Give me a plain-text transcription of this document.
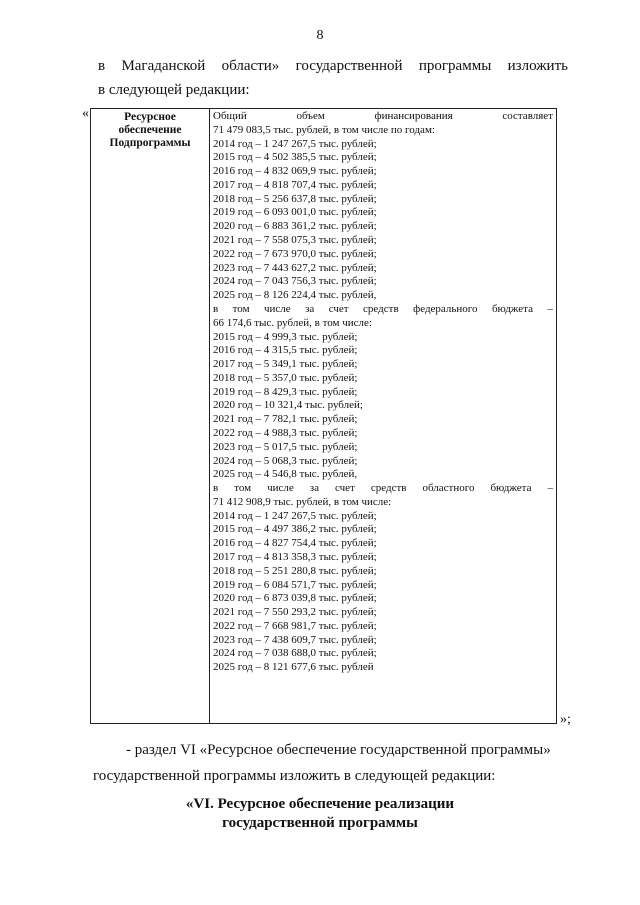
8
в Магаданской области» государственной программы изложить
в следующей редакции:
«	Ресурсное
обеспечение
Подпрограммы

Общий	объем	финансирования	составляет
71 479 083,5 тыс. рублей, в том числе по годам:
2014 год – 1 247 267,5 тыс. рублей;
2015 год – 4 502 385,5 тыс. рублей;
2016 год – 4 832 069,9 тыс. рублей;
2017 год – 4 818 707,4 тыс. рублей;
2018 год – 5 256 637,8 тыс. рублей;
2019 год – 6 093 001,0 тыс. рублей;
2020 год – 6 883 361,2 тыс. рублей;
2021 год – 7 558 075,3 тыс. рублей;
2022 год – 7 673 970,0 тыс. рублей;
2023 год – 7 443 627,2 тыс. рублей;
2024 год – 7 043 756,3 тыс. рублей;
2025 год – 8 126 224,4 тыс. рублей,
в том числе за счет средств федерального бюджета –
66 174,6 тыс. рублей, в том числе:
2015 год – 4 999,3 тыс. рублей;
2016 год – 4 315,5 тыс. рублей;
2017 год – 5 349,1 тыс. рублей;
2018 год – 5 357,0 тыс. рублей;
2019 год – 8 429,3 тыс. рублей;
2020 год – 10 321,4 тыс. рублей;
2021 год – 7 782,1 тыс. рублей;
2022 год – 4 988,3 тыс. рублей;
2023 год – 5 017,5 тыс. рублей;
2024 год – 5 068,3 тыс. рублей;
2025 год – 4 546,8 тыс. рублей,
в том числе за счет средств областного бюджета –
71 412 908,9 тыс. рублей, в том числе:
2014 год – 1 247 267,5 тыс. рублей;
2015 год – 4 497 386,2 тыс. рублей;
2016 год – 4 827 754,4 тыс. рублей;
2017 год – 4 813 358,3 тыс. рублей;
2018 год – 5 251 280,8 тыс. рублей;
2019 год – 6 084 571,7 тыс. рублей;
2020 год – 6 873 039,8 тыс. рублей;
2021 год – 7 550 293,2 тыс. рублей;
2022 год – 7 668 981,7 тыс. рублей;
2023 год – 7 438 609,7 тыс. рублей;
2024 год – 7 038 688,0 тыс. рублей;
2025 год – 8 121 677,6 тыс. рублей
»;
- раздел VI «Ресурсное обеспечение государственной программы»
государственной программы изложить в следующей редакции:
«VI. Ресурсное обеспечение реализации
государственной программы
